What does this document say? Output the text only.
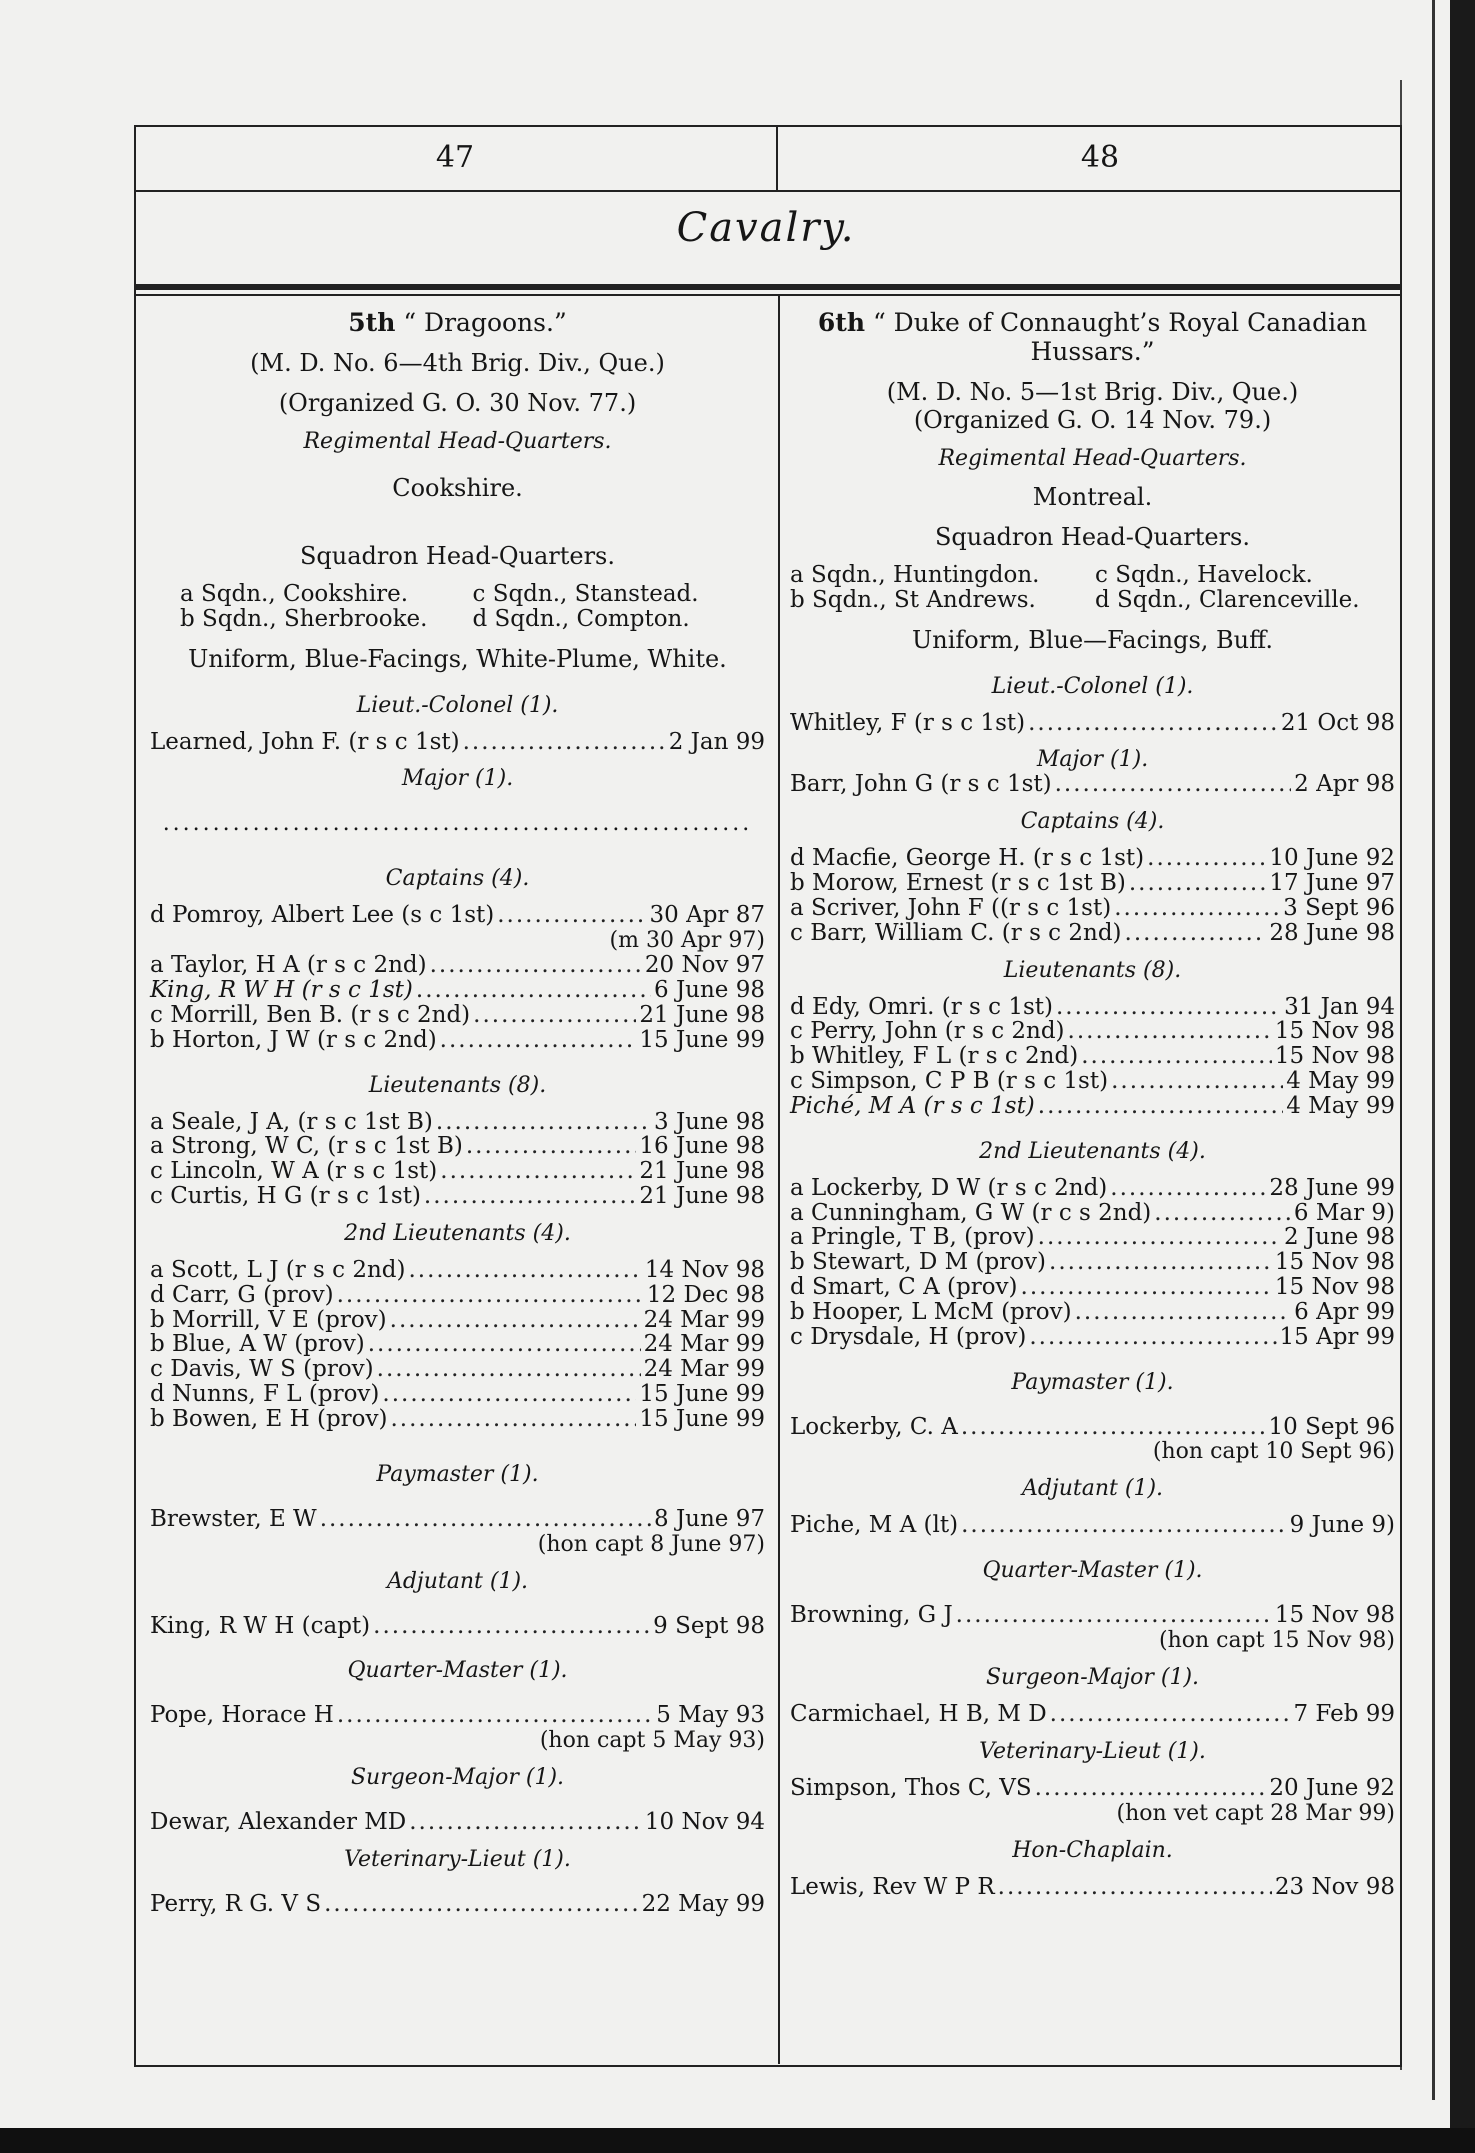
47	48
Cavalry.
5th “ Dragoons.”
(M. D. No. 6—4th Brig. Div., Que.)
(Organized G. O. 30 Nov. 77.)
Regimental Head-Quarters.
Cookshire.
Squadron Head-Quarters.
a Sqdn., Cookshire.	c Sqdn., Stanstead.
b Sqdn., Sherbrooke.	d Sqdn., Compton.
Uniform, Blue-Facings, White-Plume, White.
Lieut.-Colonel (1).
Learned, John F. (r s c 1st) .....	2 Jan 99
Major (1).
...........................................................
Captains (4).
d Pomroy, Albert Lee (s c 1st) .....	30 Apr 87
(m 30 Apr 97)
a Taylor, H A (r s c 2nd) .....	20 Nov 97
King, R W H (r s c 1st) .....	6 June 98
c Morrill, Ben B. (r s c 2nd) .....	21 June 98
b Horton, J W (r s c 2nd) .....	15 June 99
Lieutenants (8).
a Seale, J A, (r s c 1st B) .....	3 June 98
a Strong, W C, (r s c 1st B) .....	16 June 98
c Lincoln, W A (r s c 1st) .....	21 June 98
c Curtis, H G (r s c 1st) .....	21 June 98
2nd Lieutenants (4).
a Scott, L J (r s c 2nd) .....	14 Nov 98
d Carr, G (prov) .....	12 Dec 98
b Morrill, V E (prov) .....	24 Mar 99
b Blue, A W (prov) .....	24 Mar 99
c Davis, W S (prov) .....	24 Mar 99
d Nunns, F L (prov) .....	15 June 99
b Bowen, E H (prov) .....	15 June 99
Paymaster (1).
Brewster, E W .....	8 June 97
(hon capt 8 June 97)
Adjutant (1).
King, R W H (capt) .....	9 Sept 98
Quarter-Master (1).
Pope, Horace H .....	5 May 93
(hon capt 5 May 93)
Surgeon-Major (1).
Dewar, Alexander MD .....	10 Nov 94
Veterinary-Lieut (1).
Perry, R G. V S .....	22 May 99
6th “ Duke of Connaught’s Royal Canadian
Hussars.”
(M. D. No. 5—1st Brig. Div., Que.)
(Organized G. O. 14 Nov. 79.)
Regimental Head-Quarters.
Montreal.
Squadron Head-Quarters.
a Sqdn., Huntingdon.	c Sqdn., Havelock.
b Sqdn., St Andrews.	d Sqdn., Clarenceville.
Uniform, Blue—Facings, Buff.
Lieut.-Colonel (1).
Whitley, F (r s c 1st) .....	21 Oct 98
Major (1).
Barr, John G (r s c 1st) .....	2 Apr 98
Captains (4).
d Macfie, George H. (r s c 1st) .....	10 June 92
b Morow, Ernest (r s c 1st B) .....	17 June 97
a Scriver, John F ((r s c 1st) .....	3 Sept 96
c Barr, William C. (r s c 2nd) .....	28 June 98
Lieutenants (8).
d Edy, Omri. (r s c 1st) .....	31 Jan 94
c Perry, John (r s c 2nd) .....	15 Nov 98
b Whitley, F L (r s c 2nd) .....	15 Nov 98
c Simpson, C P B (r s c 1st) .....	4 May 99
Piché, M A (r s c 1st) .....	4 May 99
2nd Lieutenants (4).
a Lockerby, D W (r s c 2nd) .....	28 June 99
a Cunningham, G W (r c s 2nd) .....	6 Mar 9)
a Pringle, T B, (prov) .....	2 June 98
b Stewart, D M (prov) .....	15 Nov 98
d Smart, C A (prov) .....	15 Nov 98
b Hooper, L McM (prov) .....	6 Apr 99
c Drysdale, H (prov) .....	15 Apr 99
Paymaster (1).
Lockerby, C. A .....	10 Sept 96
(hon capt 10 Sept 96)
Adjutant (1).
Piche, M A (lt) .....	9 June 9)
Quarter-Master (1).
Browning, G J .....	15 Nov 98
(hon capt 15 Nov 98)
Surgeon-Major (1).
Carmichael, H B, M D .....	7 Feb 99
Veterinary-Lieut (1).
Simpson, Thos C, VS .....	20 June 92
(hon vet capt 28 Mar 99)
Hon-Chaplain.
Lewis, Rev W P R .....	23 Nov 98
